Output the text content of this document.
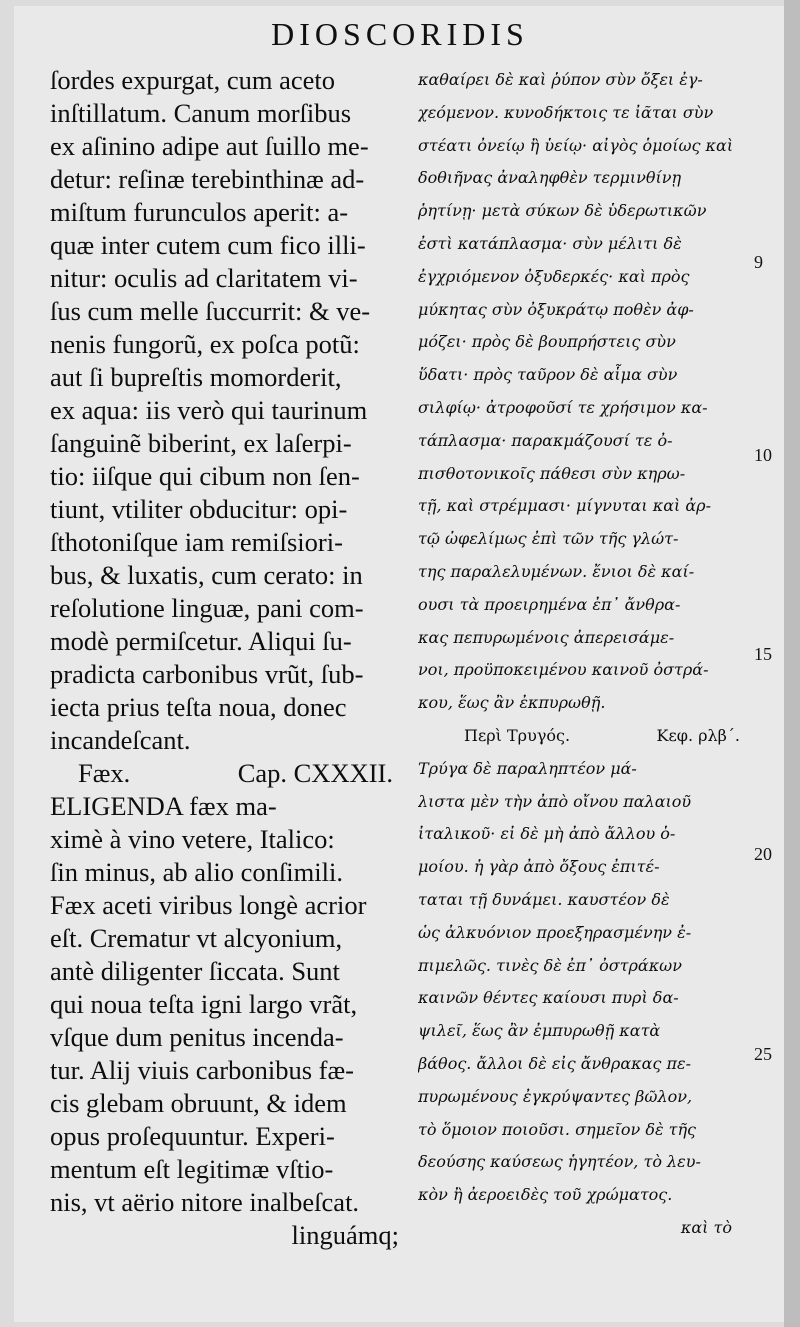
DIOSCORIDIS
ſordes expurgat, cum aceto
inſtillatum. Canum morſibus
ex aſinino adipe aut ſuillo me-
detur: reſinæ terebinthinæ ad-
miſtum furunculos aperit: a-
quæ inter cutem cum fico illi-
nitur: oculis ad claritatem vi-
ſus cum melle ſuccurrit: & ve-
nenis fungorũ, ex poſca potũ:
aut ſi bupreſtis momorderit,
ex aqua: iis verò qui taurinum
ſanguinẽ biberint, ex laſerpi-
tio: iiſque qui cibum non ſen-
tiunt, vtiliter obducitur: opi-
ſthotoniſque iam remiſsiori-
bus, & luxatis, cum cerato: in
reſolutione linguæ, pani com-
modè permiſcetur. Aliqui ſu-
pradicta carbonibus vrũt, ſub-
iecta prius teſta noua, donec
incandeſcant.
Fæx.	Cap. CXXXII.
ELIGENDA fæx ma-
ximè à vino vetere, Italico:
ſin minus, ab alio conſimili.
Fæx aceti viribus longè acrior
eſt. Crematur vt alcyonium,
antè diligenter ſiccata. Sunt
qui noua teſta igni largo vrãt,
vſque dum penitus incenda-
tur. Alij viuis carbonibus fæ-
cis glebam obruunt, & idem
opus proſequuntur. Experi-
mentum eſt legitimæ vſtio-
nis, vt aërio nitore inalbeſcat.
linguámq;
καθαίρει δὲ καὶ ῥύπον σὺν ὄξει ἐγ-
χεόμενον. κυνοδήκτοις τε ἰᾶται σὺν
στέατι ὀνείῳ ἢ ὑείῳ· αἰγὸς ὁμοίως καὶ
δοθιῆνας ἀναληφθὲν τερμινθίνῃ
ῥητίνῃ· μετὰ σύκων δὲ ὑδερωτικῶν
ἐστὶ κατάπλασμα· σὺν μέλιτι δὲ
ἐγχριόμενον ὀξυδερκές· καὶ πρὸς
μύκητας σὺν ὀξυκράτῳ ποθὲν ἀφ-
μόζει· πρὸς δὲ βουπρήστεις σὺν
ὕδατι· πρὸς ταῦρον δὲ αἷμα σὺν
σιλφίῳ· ἀτροφοῦσί τε χρήσιμον κα-
τάπλασμα· παρακμάζουσί τε ὀ-
πισθοτονικοῖς πάθεσι σὺν κηρω-
τῇ, καὶ στρέμμασι· μίγνυται καὶ ἀρ-
τῷ ὠφελίμως ἐπὶ τῶν τῆς γλώτ-
της παραλελυμένων. ἔνιοι δὲ καί-
ουσι τὰ προειρημένα ἐπ᾽ ἄνθρα-
κας πεπυρωμένοις ἀπερεισάμε-
νοι, προϋποκειμένου καινοῦ ὀστρά-
κου, ἕως ἂν ἐκπυρωθῇ.
Περὶ Τρυγός.	Κεφ. ρλβ΄.
Τρύγα δὲ παραληπτέον μά-
λιστα μὲν τὴν ἀπὸ οἴνου παλαιοῦ
ἰταλικοῦ· εἰ δὲ μὴ ἀπὸ ἄλλου ὁ-
μοίου. ἡ γὰρ ἀπὸ ὄξους ἐπιτέ-
ταται τῇ δυνάμει. καυστέον δὲ
ὡς ἀλκυόνιον προεξηρασμένην ἐ-
πιμελῶς. τινὲς δὲ ἐπ᾽ ὀστράκων
καινῶν θέντες καίουσι πυρὶ δα-
ψιλεῖ, ἕως ἂν ἐμπυρωθῇ κατὰ
βάθος. ἄλλοι δὲ εἰς ἄνθρακας πε-
πυρωμένους ἐγκρύψαντες βῶλον,
τὸ ὅμοιον ποιοῦσι. σημεῖον δὲ τῆς
δεούσης καύσεως ἡγητέον, τὸ λευ-
κὸν ἢ ἀεροειδὲς τοῦ χρώματος.
καὶ τὸ
9
10
15
20
25
